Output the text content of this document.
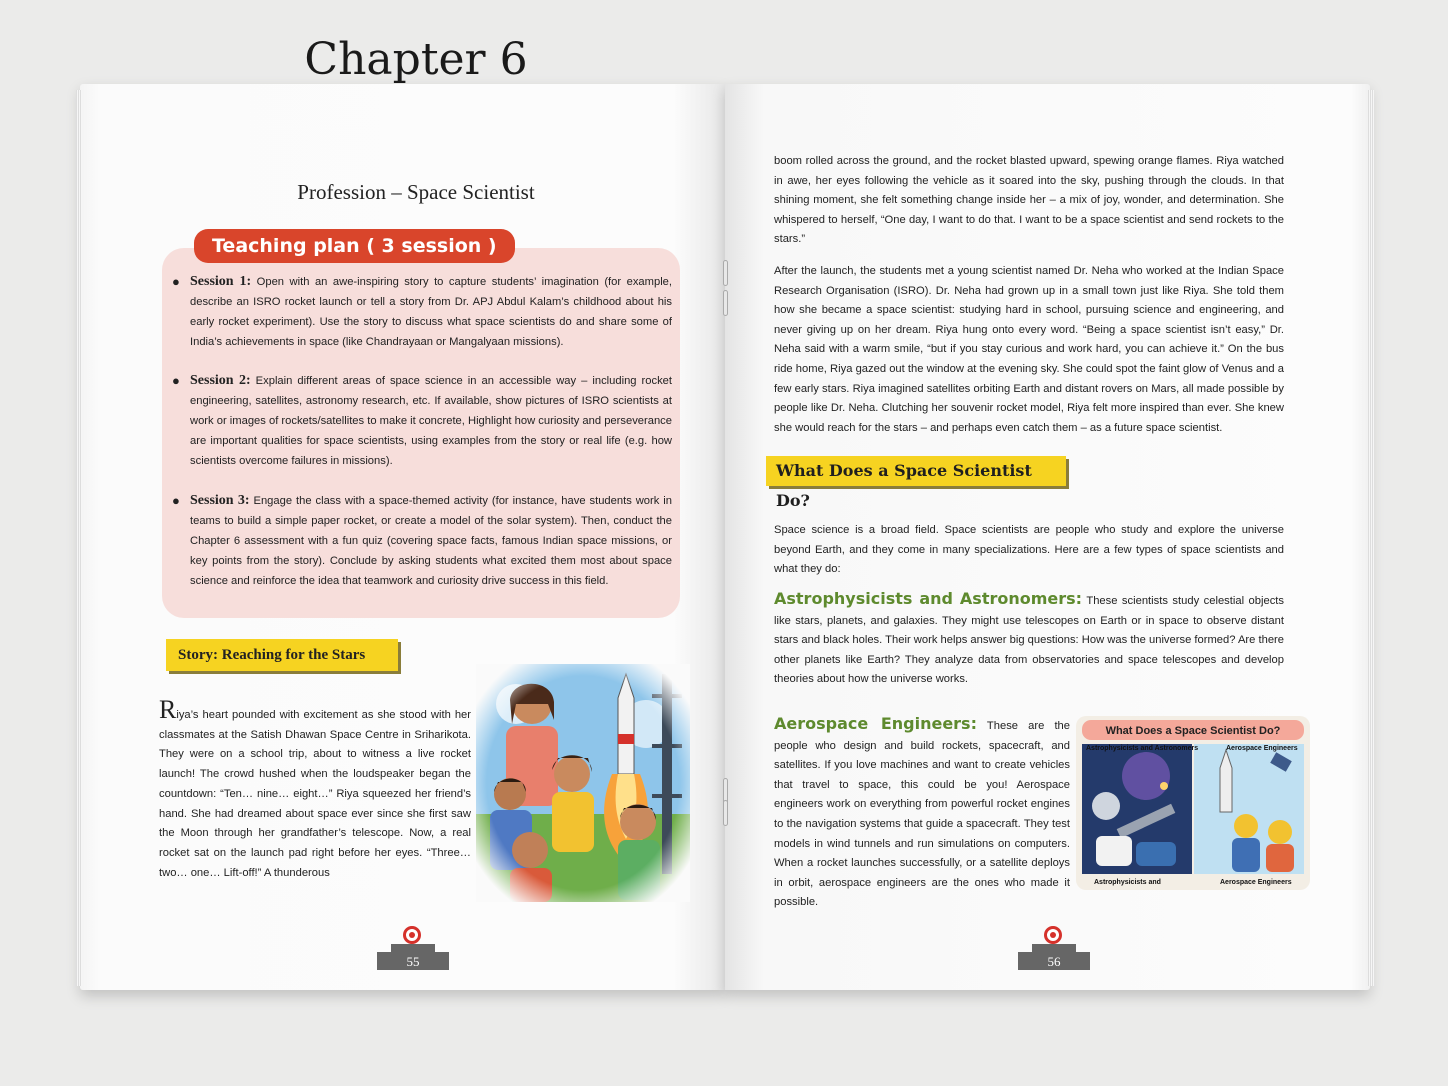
Chapter 6
Profession – Space Scientist
Teaching plan ( 3 session )
● Session 1: Open with an awe-inspiring story to capture students’ imagination (for example, describe an ISRO rocket launch or tell a story from Dr. APJ Abdul Kalam’s childhood about his early rocket experiment). Use the story to discuss what space scientists do and share some of India’s achievements in space (like Chandrayaan or Mangalyaan missions).
● Session 2: Explain different areas of space science in an accessible way – including rocket engineering, satellites, astronomy research, etc. If available, show pictures of ISRO scientists at work or images of rockets/satellites to make it concrete, Highlight how curiosity and perseverance are important qualities for space scientists, using examples from the story or real life (e.g. how scientists overcome failures in missions).
● Session 3: Engage the class with a space-themed activity (for instance, have students work in teams to build a simple paper rocket, or create a model of the solar system). Then, conduct the Chapter 6 assessment with a fun quiz (covering space facts, famous Indian space missions, or key points from the story). Conclude by asking students what excited them most about space science and reinforce the idea that teamwork and curiosity drive success in this field.
Story: Reaching for the Stars
Riya’s heart pounded with excitement as she stood with her classmates at the Satish Dhawan Space Centre in Sriharikota. They were on a school trip, about to witness a live rocket launch! The crowd hushed when the loudspeaker began the countdown: “Ten… nine… eight…” Riya squeezed her friend’s hand. She had dreamed about space ever since she first saw the Moon through her grandfather’s telescope. Now, a real rocket sat on the launch pad right before her eyes. “Three… two… one… Lift-off!” A thunderous
55
boom rolled across the ground, and the rocket blasted upward, spewing orange flames. Riya watched in awe, her eyes following the vehicle as it soared into the sky, pushing through the clouds. In that shining moment, she felt something change inside her – a mix of joy, wonder, and determination. She whispered to herself, “One day, I want to do that. I want to be a space scientist and send rockets to the stars.”
After the launch, the students met a young scientist named Dr. Neha who worked at the Indian Space Research Organisation (ISRO). Dr. Neha had grown up in a small town just like Riya. She told them how she became a space scientist: studying hard in school, pursuing science and engineering, and never giving up on her dream. Riya hung onto every word. “Being a space scientist isn’t easy,” Dr. Neha said with a warm smile, “but if you stay curious and work hard, you can achieve it.” On the bus ride home, Riya gazed out the window at the evening sky. She could spot the faint glow of Venus and a few early stars. Riya imagined satellites orbiting Earth and distant rovers on Mars, all made possible by people like Dr. Neha. Clutching her souvenir rocket model, Riya felt more inspired than ever. She knew she would reach for the stars – and perhaps even catch them – as a future space scientist.
What Does a Space Scientist Do?
Space science is a broad field. Space scientists are people who study and explore the universe beyond Earth, and they come in many specializations. Here are a few types of space scientists and what they do:
Astrophysicists and Astronomers: These scientists study celestial objects like stars, planets, and galaxies. They might use telescopes on Earth or in space to observe distant stars and black holes. Their work helps answer big questions: How was the universe formed? Are there other planets like Earth? They analyze data from observatories and space telescopes and develop theories about how the universe works.
Aerospace Engineers: These are the people who design and build rockets, spacecraft, and satellites. If you love machines and want to create vehicles that travel to space, this could be you! Aerospace engineers work on everything from powerful rocket engines to the navigation systems that guide a spacecraft. They test models in wind tunnels and run simulations on computers. When a rocket launches successfully, or a satellite deploys in orbit, aerospace engineers are the ones who made it possible.
What Does a Space Scientist Do?
Astrophysicists and Astronomers	Aerospace Engineers
Astrophysicists and	Aerospace Engineers
56
